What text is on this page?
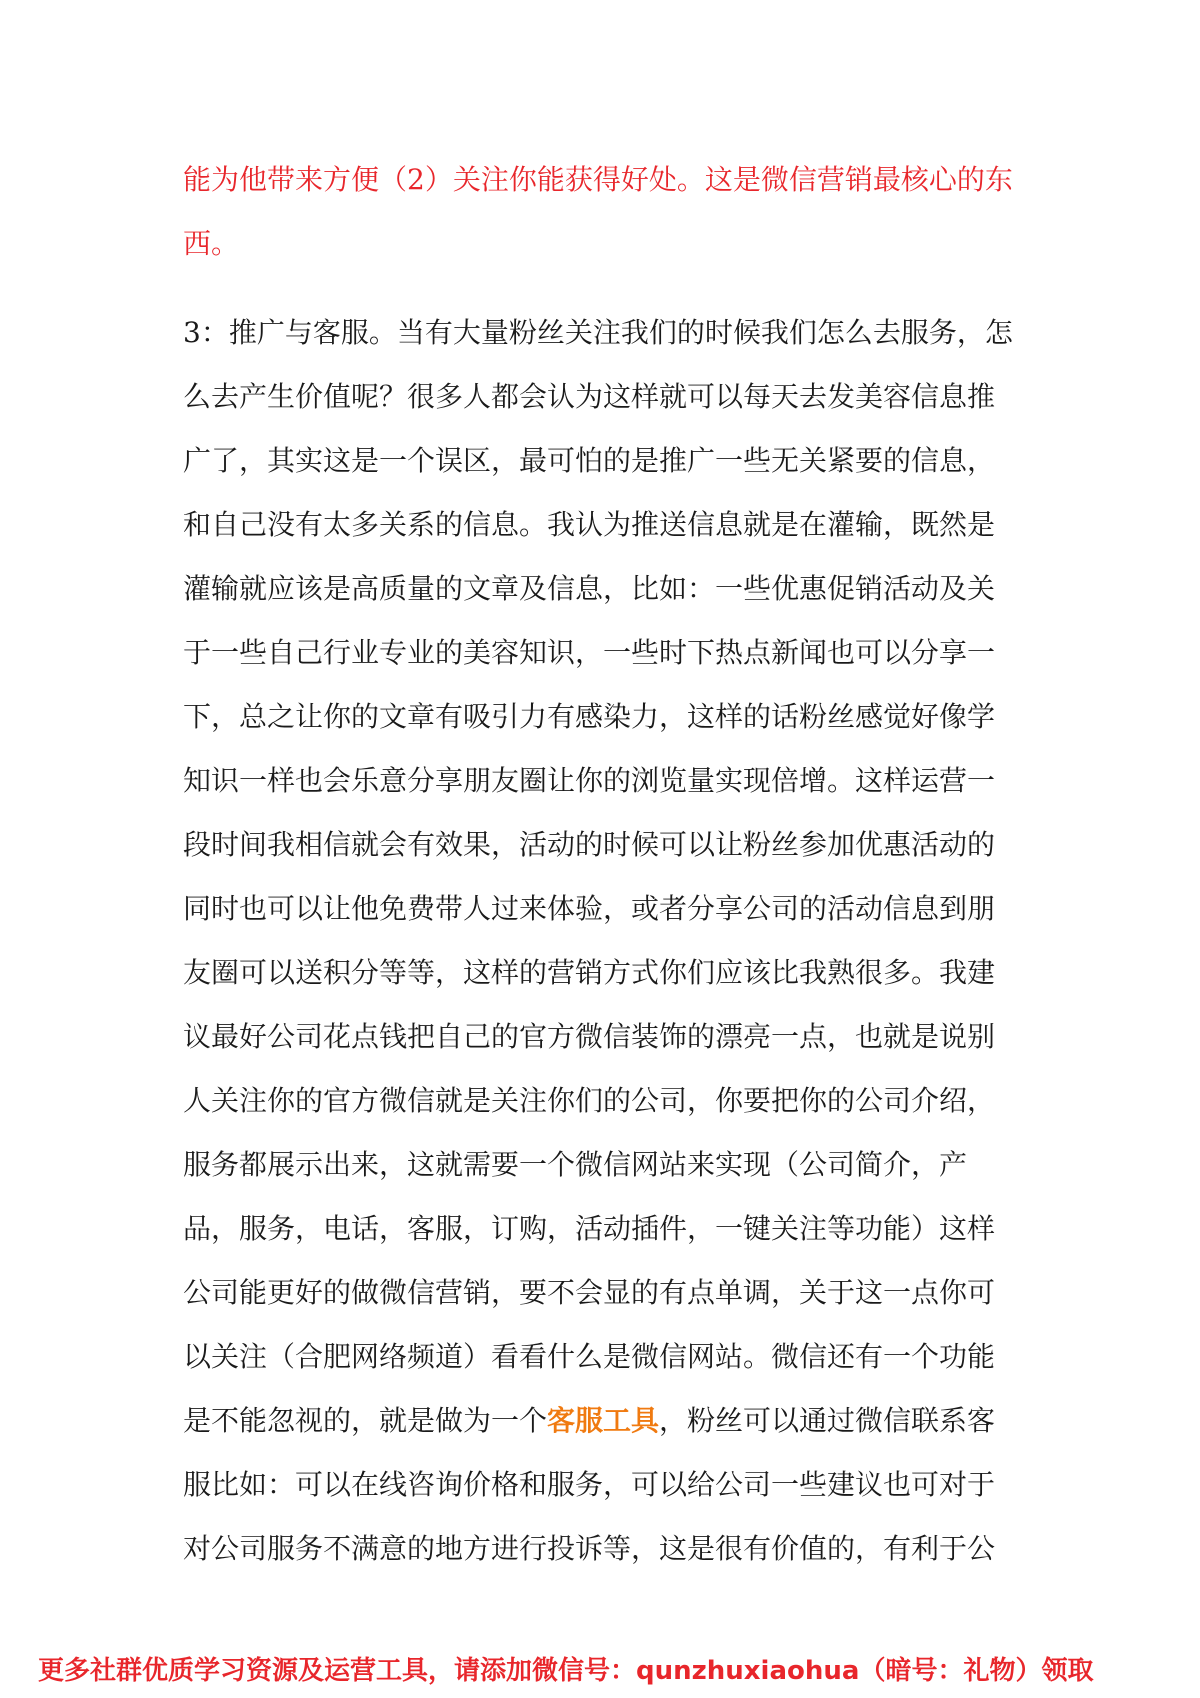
能为他带来方便（2）关注你能获得好处。这是微信营销最核心的东
西。
3：推广与客服。当有大量粉丝关注我们的时候我们怎么去服务，怎
么去产生价值呢？很多人都会认为这样就可以每天去发美容信息推
广了，其实这是一个误区，最可怕的是推广一些无关紧要的信息，
和自己没有太多关系的信息。我认为推送信息就是在灌输，既然是
灌输就应该是高质量的文章及信息，比如：一些优惠促销活动及关
于一些自己行业专业的美容知识，一些时下热点新闻也可以分享一
下，总之让你的文章有吸引力有感染力，这样的话粉丝感觉好像学
知识一样也会乐意分享朋友圈让你的浏览量实现倍增。这样运营一
段时间我相信就会有效果，活动的时候可以让粉丝参加优惠活动的
同时也可以让他免费带人过来体验，或者分享公司的活动信息到朋
友圈可以送积分等等，这样的营销方式你们应该比我熟很多。我建
议最好公司花点钱把自己的官方微信装饰的漂亮一点，也就是说别
人关注你的官方微信就是关注你们的公司，你要把你的公司介绍，
服务都展示出来，这就需要一个微信网站来实现（公司简介，产
品，服务，电话，客服，订购，活动插件，一键关注等功能）这样
公司能更好的做微信营销，要不会显的有点单调，关于这一点你可
以关注（合肥网络频道）看看什么是微信网站。微信还有一个功能
是不能忽视的，就是做为一个客服工具，粉丝可以通过微信联系客
服比如：可以在线咨询价格和服务，可以给公司一些建议也可对于
对公司服务不满意的地方进行投诉等，这是很有价值的，有利于公
更多社群优质学习资源及运营工具，请添加微信号：qunzhuxiaohua（暗号：礼物）领取
